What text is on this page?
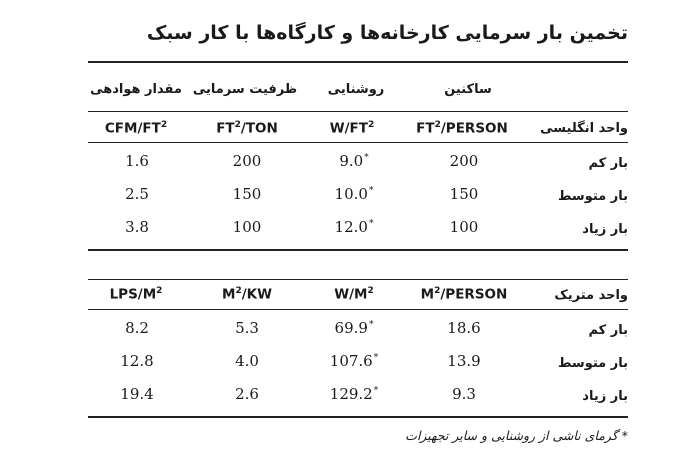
تخمین بار سرمایی کارخانه‌ها و کارگاه‌ها با کار سبک
ساکنین
روشنایی
ظرفیت سرمایی
مقدار هوادهی
واحد انگلیسی
$FT^2$/PERSON
$W/FT^2$
$FT^2$/TON
CFM/$FT^2$
بار کم
200
9.0*
200
1.6
بار متوسط
150
10.0*
150
2.5
بار زیاد
100
12.0*
100
3.8
واحد متریک
$M^2$/PERSON
$W/M^2$
$M^2/KW$
LPS/$M^2$
بار کم
18.6
69.9*
5.3
8.2
بار متوسط
13.9
107.6*
4.0
12.8
بار زیاد
9.3
129.2*
2.6
19.4
* گرمای ناشی از روشنایی و سایر تجهیزات
